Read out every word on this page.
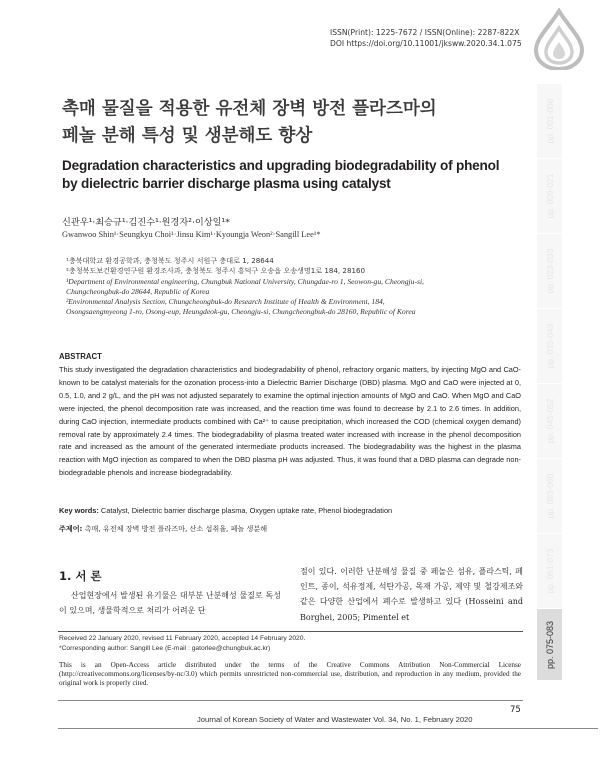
ISSN(Print): 1225-7672 / ISSN(Online): 2287-822X
DOI https://doi.org/10.11001/jksww.2020.34.1.075
촉매 물질을 적용한 유전체 장벽 방전 플라즈마의
페놀 분해 특성 및 생분해도 향상
Degradation characteristics and upgrading biodegradability of phenol
by dielectric barrier discharge plasma using catalyst
신관우¹·최승규¹·김진수¹·원경자²·이상일¹*
Gwanwoo Shin¹·Seungkyu Choi¹·Jinsu Kim¹·Kyoungja Weon²·Sangill Lee¹*
¹충북대학교 환경공학과, 충청북도 청주시 서원구 충대로 1, 28644
²충청북도보건환경연구원 환경조사과, 충청북도 청주시 흥덕구 오송읍 오송생명1로 184, 28160
¹Department of Environmental engineering, Chungbuk National University, Chungdae-ro 1, Seowon-gu, Cheongju-si,
Chungcheongbuk-do 28644, Republic of Korea
²Environmental Analysis Section, Chungcheongbuk-do Research Institute of Health & Environment, 184,
Osongsaengmyeong 1-ro, Osong-eup, Heungdeok-gu, Cheongju-si, Chungcheongbuk-do 28160, Republic of Korea
ABSTRACT
This study investigated the degradation characteristics and biodegradability of phenol, refractory organic matters, by injecting MgO and CaO-known to be catalyst materials for the ozonation process-into a Dielectric Barrier Discharge (DBD) plasma. MgO and CaO were injected at 0, 0.5, 1.0, and 2 g/L, and the pH was not adjusted separately to examine the optimal injection amounts of MgO and CaO. When MgO and CaO were injected, the phenol decomposition rate was increased, and the reaction time was found to decrease by 2.1 to 2.6 times. In addition, during CaO injection, intermediate products combined with Ca²⁺ to cause precipitation, which increased the COD (chemical oxygen demand) removal rate by approximately 2.4 times. The biodegradability of plasma treated water increased with increase in the phenol decomposition rate and increased as the amount of the generated intermediate products increased. The biodegradability was the highest in the plasma reaction with MgO injection as compared to when the DBD plasma pH was adjusted. Thus, it was found that a DBD plasma can degrade non-biodegradable phenols and increase biodegradability.
Key words: Catalyst, Dielectric barrier discharge plasma, Oxygen uptake rate, Phenol biodegradation
주제어: 촉매, 유전체 장벽 방전 플라즈마, 산소 섭취율, 페놀 생분해
1. 서 론
산업현장에서 발생된 유기물은 대부분 난분해성 물질로 독성이 있으며, 생물학적으로 처리가 어려운 단
점이 있다. 이러한 난분해성 물질 중 페놀은 섬유, 플라스틱, 페인트, 종이, 석유정제, 석탄가공, 목재 가공, 제약 및 철강제조와 같은 다양한 산업에서 폐수로 발생하고 있다 (Hosseini and Borghei, 2005; Pimentel et
Received 22 January 2020, revised 11 February 2020, accepted 14 February 2020.
*Corresponding author: Sangill Lee (E-mail : gatorlee@chungbuk.ac.kr)
This is an Open-Access article distributed under the terms of the Creative Commons Attribution Non-Commercial License (http://creativecommons.org/licenses/by-nc/3.0) which permits unrestricted non-commercial use, distribution, and reproduction in any medium, provided the original work is properly cited.
75
Journal of Korean Society of Water and Wastewater Vol. 34, No. 1, February 2020
pp. 001-008
pp. 009-021
pp. 023-033
pp. 035-043
pp. 045-052
pp. 053-060
pp. 061-073
pp. 075-083
